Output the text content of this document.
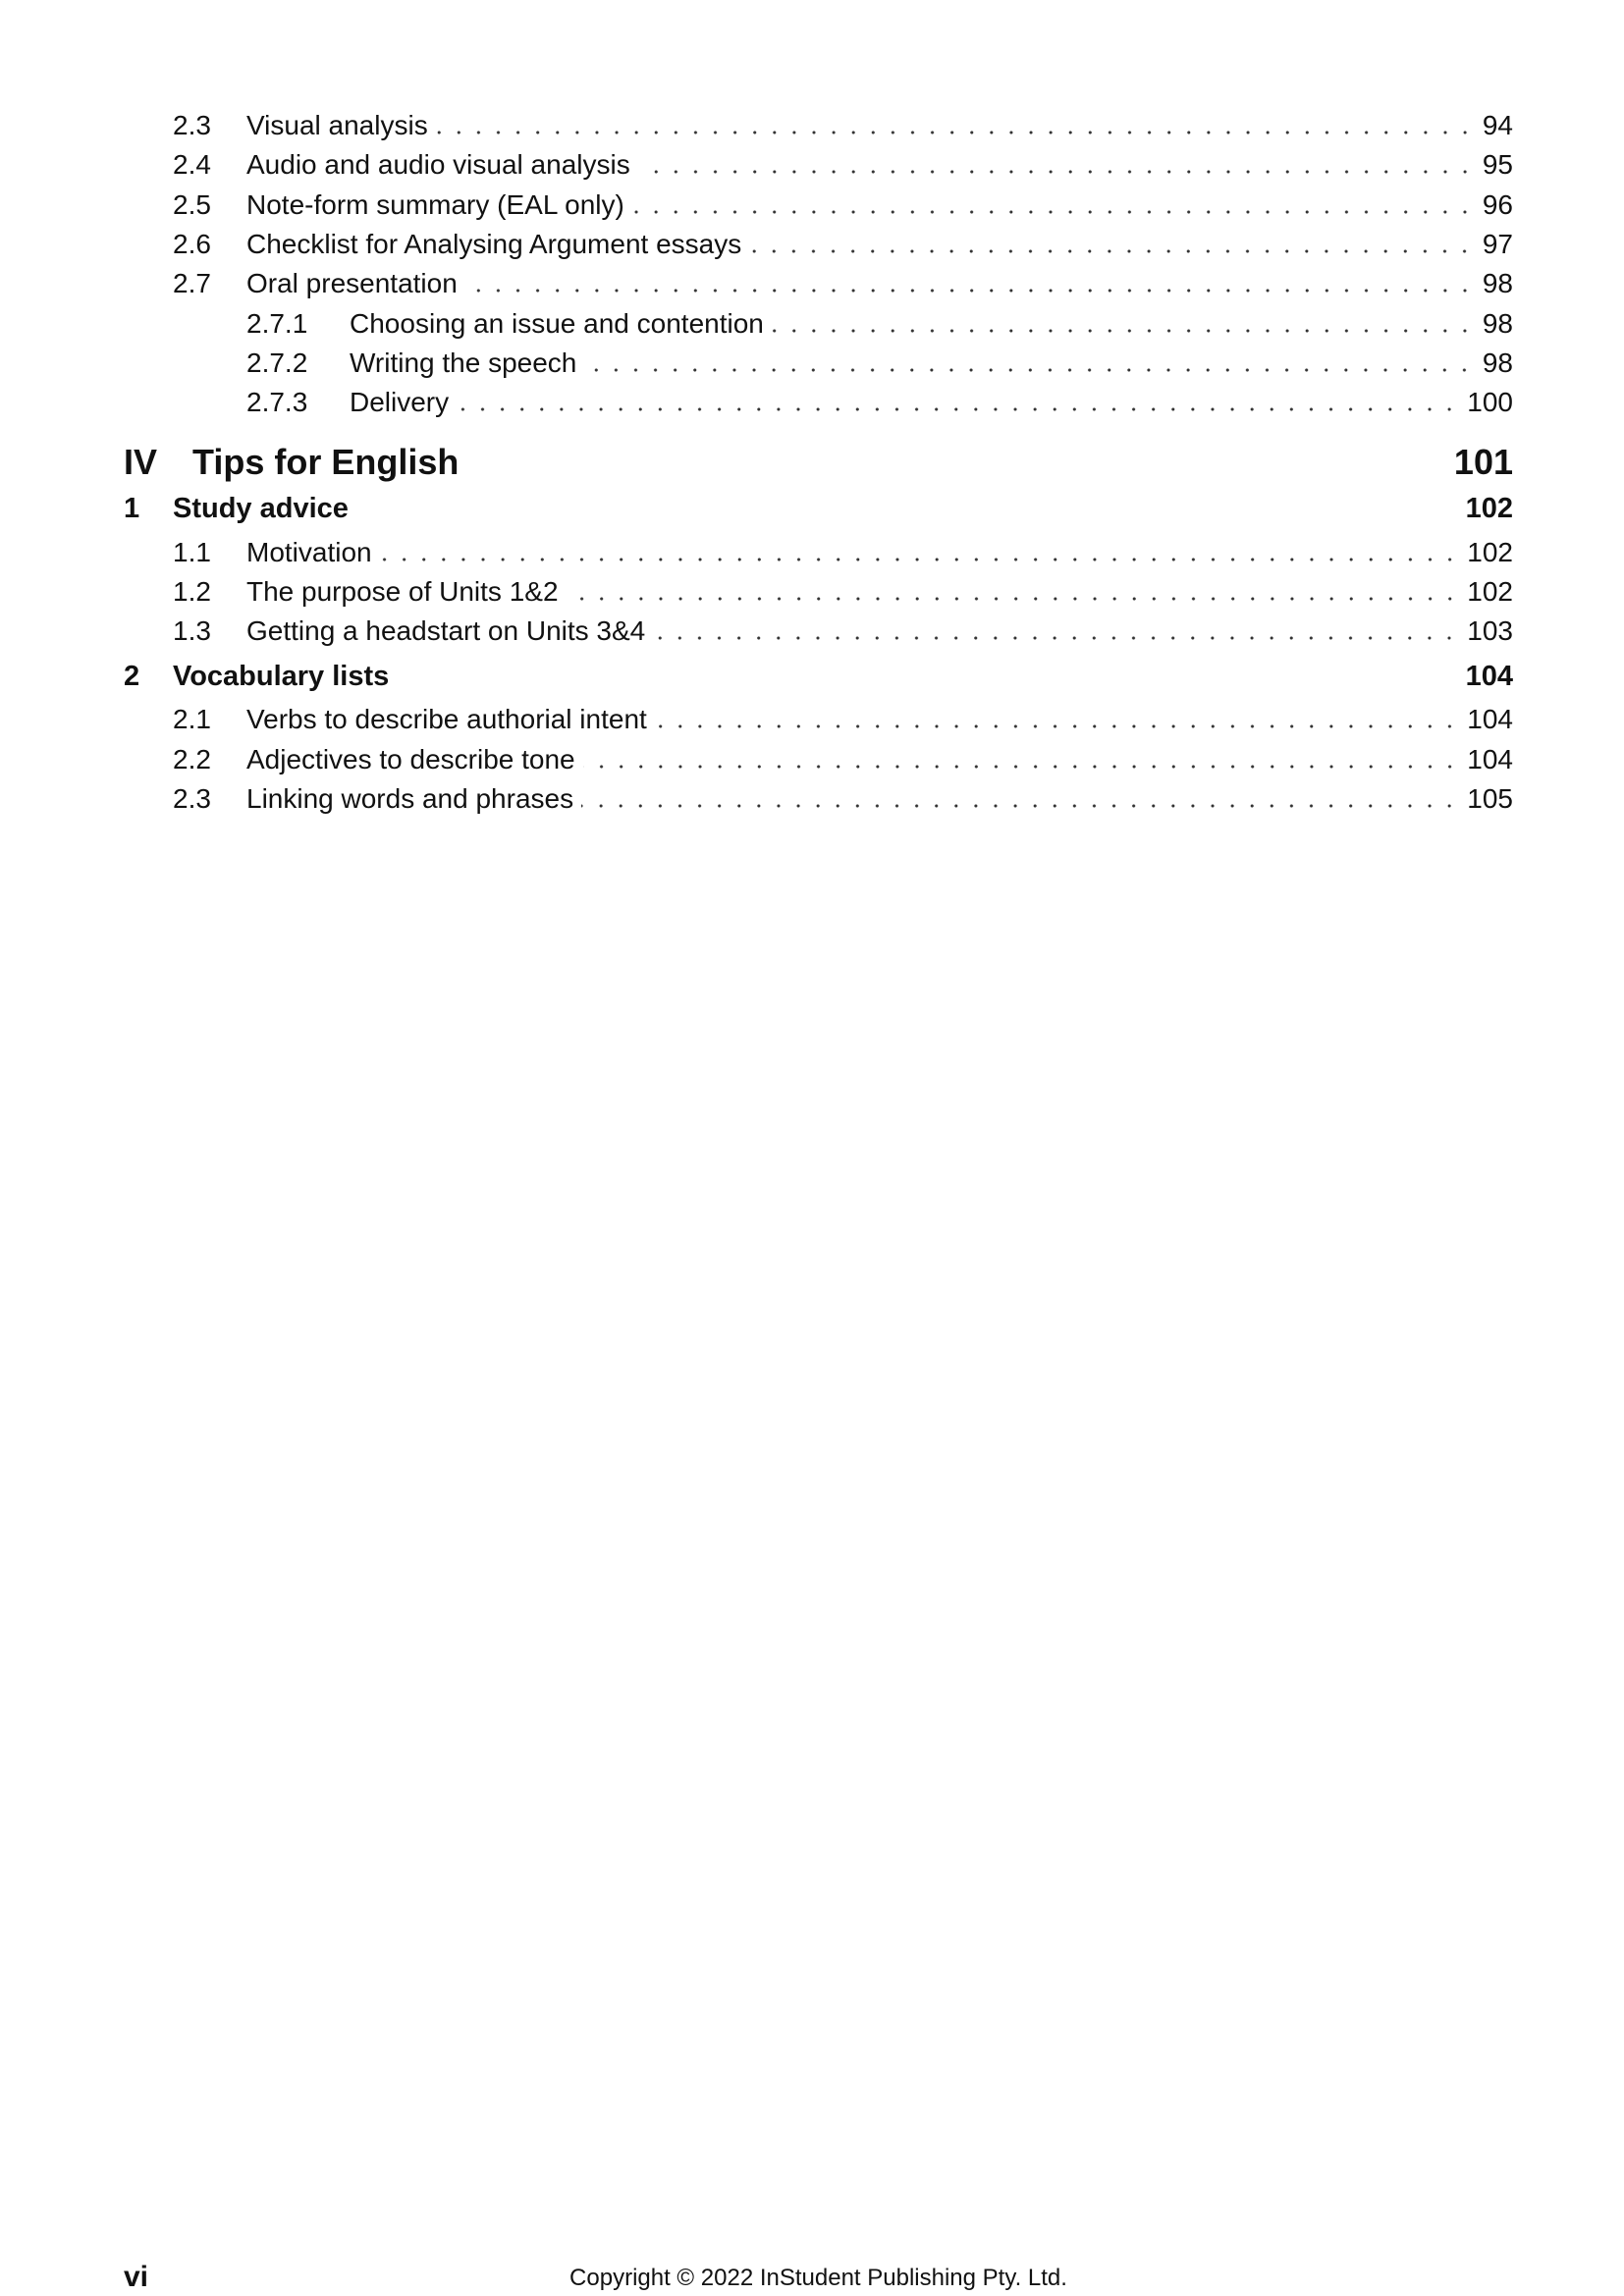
2.3	Visual analysis	94
2.4	Audio and audio visual analysis	95
2.5	Note-form summary (EAL only)	96
2.6	Checklist for Analysing Argument essays	97
2.7	Oral presentation	98
2.7.1	Choosing an issue and contention	98
2.7.2	Writing the speech	98
2.7.3	Delivery	100
IV Tips for English	101
1	Study advice	102
1.1	Motivation	102
1.2	The purpose of Units 1&2	102
1.3	Getting a headstart on Units 3&4	103
2	Vocabulary lists	104
2.1	Verbs to describe authorial intent	104
2.2	Adjectives to describe tone	104
2.3	Linking words and phrases	105
vi	Copyright © 2022 InStudent Publishing Pty. Ltd.
